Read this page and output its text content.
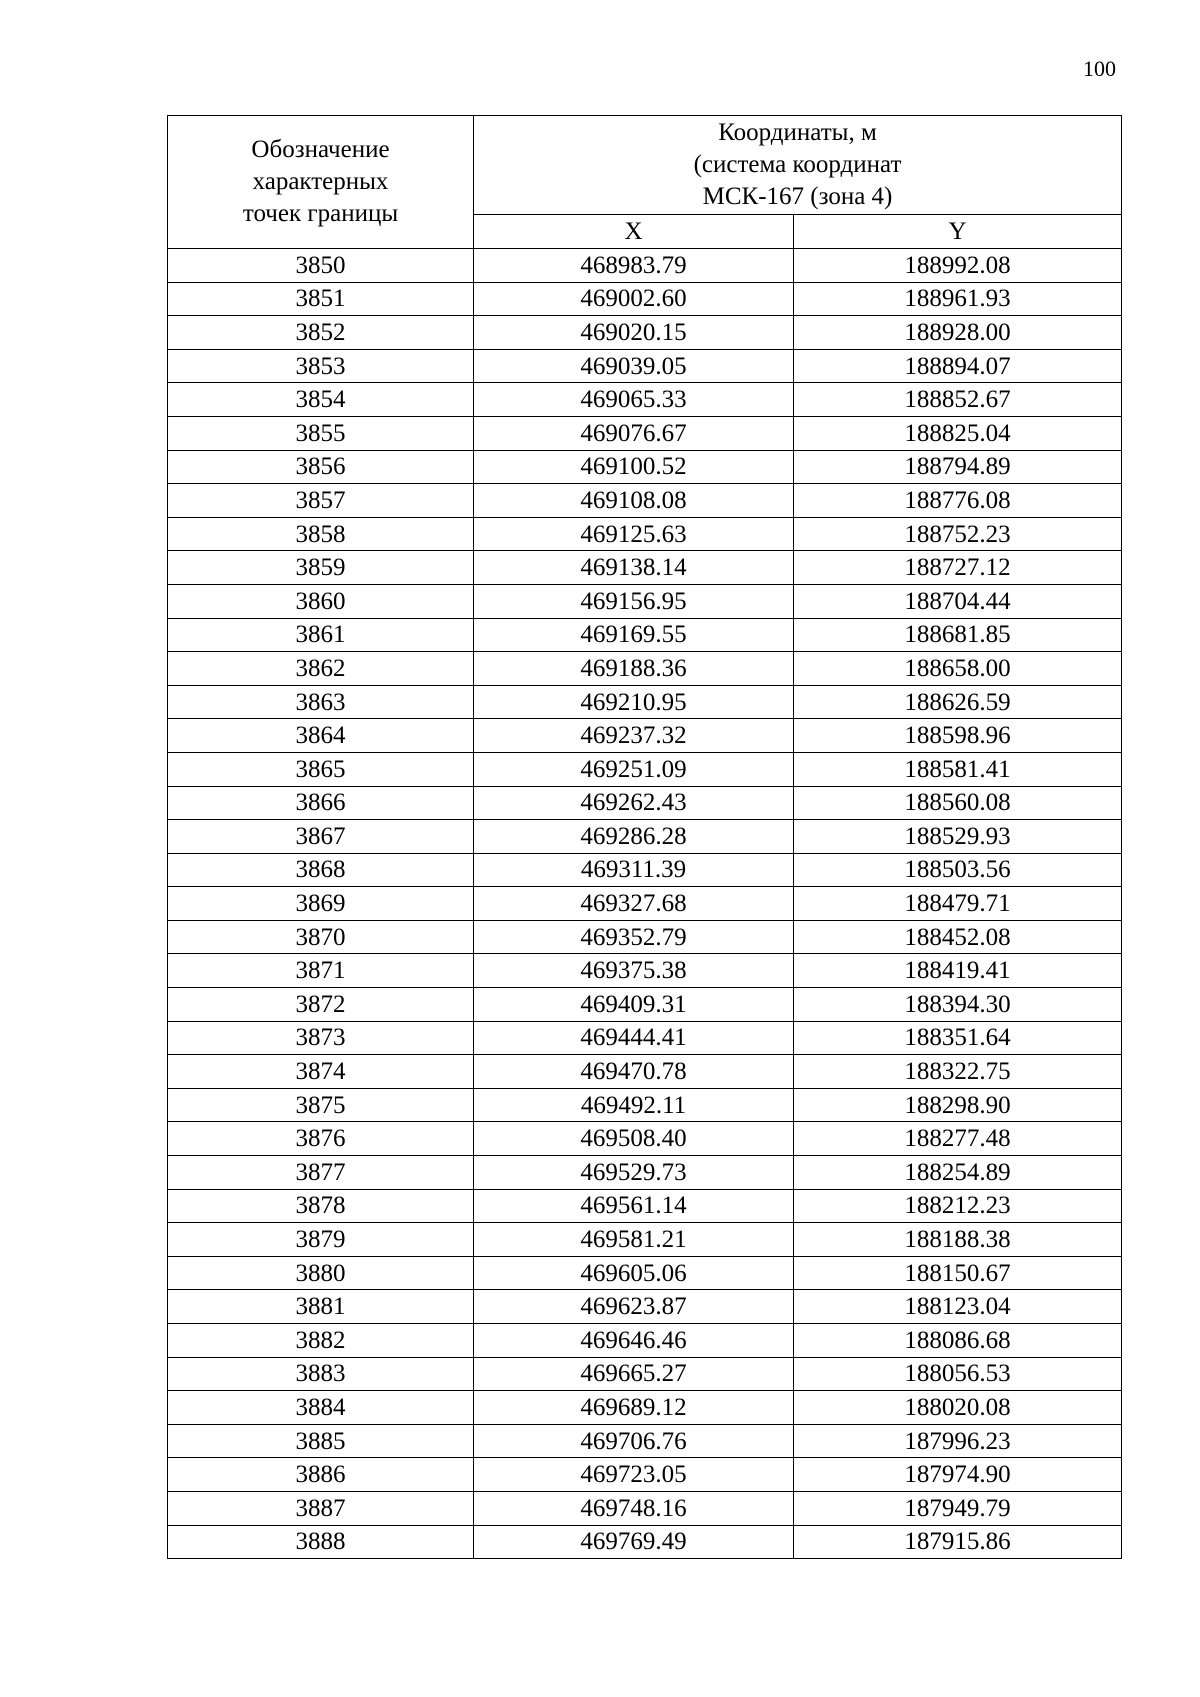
100
Обозначение
характерных
точек границы	Координаты, м
(система координат
МСК-167 (зона 4)	
	X	Y
3850	468983.79	188992.08
3851	469002.60	188961.93
3852	469020.15	188928.00
3853	469039.05	188894.07
3854	469065.33	188852.67
3855	469076.67	188825.04
3856	469100.52	188794.89
3857	469108.08	188776.08
3858	469125.63	188752.23
3859	469138.14	188727.12
3860	469156.95	188704.44
3861	469169.55	188681.85
3862	469188.36	188658.00
3863	469210.95	188626.59
3864	469237.32	188598.96
3865	469251.09	188581.41
3866	469262.43	188560.08
3867	469286.28	188529.93
3868	469311.39	188503.56
3869	469327.68	188479.71
3870	469352.79	188452.08
3871	469375.38	188419.41
3872	469409.31	188394.30
3873	469444.41	188351.64
3874	469470.78	188322.75
3875	469492.11	188298.90
3876	469508.40	188277.48
3877	469529.73	188254.89
3878	469561.14	188212.23
3879	469581.21	188188.38
3880	469605.06	188150.67
3881	469623.87	188123.04
3882	469646.46	188086.68
3883	469665.27	188056.53
3884	469689.12	188020.08
3885	469706.76	187996.23
3886	469723.05	187974.90
3887	469748.16	187949.79
3888	469769.49	187915.86
